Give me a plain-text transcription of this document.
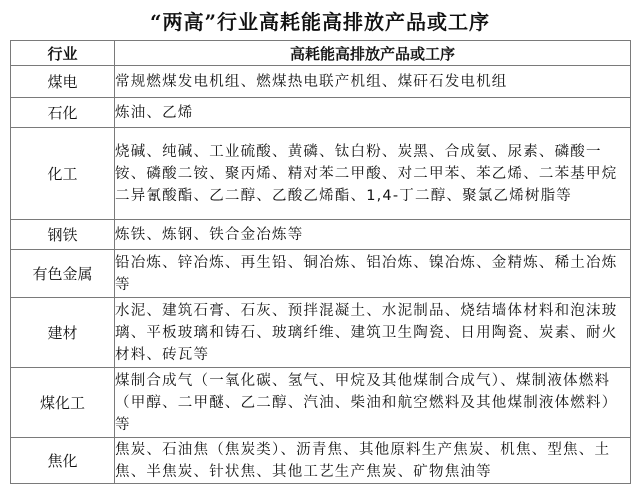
“两高”行业高耗能高排放产品或工序
行业	高耗能高排放产品或工序
煤电	常规燃煤发电机组、燃煤热电联产机组、煤矸石发电机组
石化	炼油、乙烯
化工	烧碱、纯碱、工业硫酸、黄磷、钛白粉、炭黑、合成氨、尿素、磷酸一铵、磷酸二铵、聚丙烯、精对苯二甲酸、对二甲苯、苯乙烯、二苯基甲烷二异氰酸酯、乙二醇、乙酸乙烯酯、1,4-丁二醇、聚氯乙烯树脂等
钢铁	炼铁、炼钢、铁合金冶炼等
有色金属	铅冶炼、锌冶炼、再生铅、铜冶炼、铝冶炼、镍冶炼、金精炼、稀土冶炼等
建材	水泥、建筑石膏、石灰、预拌混凝土、水泥制品、烧结墙体材料和泡沫玻璃、平板玻璃和铸石、玻璃纤维、建筑卫生陶瓷、日用陶瓷、炭素、耐火材料、砖瓦等
煤化工	煤制合成气（一氧化碳、氢气、甲烷及其他煤制合成气）、煤制液体燃料（甲醇、二甲醚、乙二醇、汽油、柴油和航空燃料及其他煤制液体燃料）等
焦化	焦炭、石油焦（焦炭类）、沥青焦、其他原料生产焦炭、机焦、型焦、土焦、半焦炭、针状焦、其他工艺生产焦炭、矿物焦油等
